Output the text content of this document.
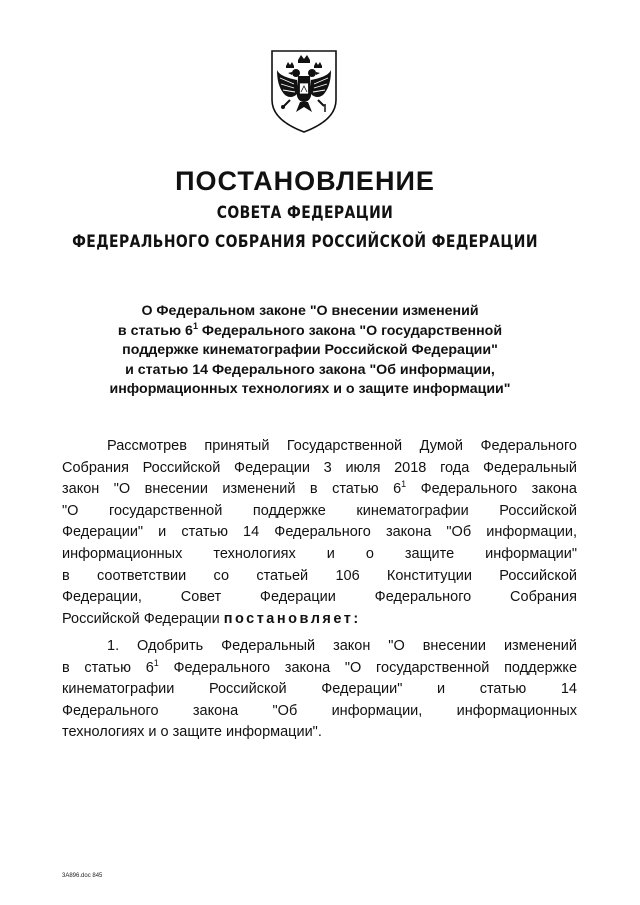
ПОСТАНОВЛЕНИЕ
СОВЕТА ФЕДЕРАЦИИ
ФЕДЕРАЛЬНОГО СОБРАНИЯ РОССИЙСКОЙ ФЕДЕРАЦИИ
О Федеральном законе "О внесении изменений
в статью $6^1$ Федерального закона "О государственной
поддержке кинематографии Российской Федерации"
и статью 14 Федерального закона "Об информации,
информационных технологиях и о защите информации"
Рассмотрев принятый Государственной Думой Федерального
Собрания Российской Федерации 3 июля 2018 года Федеральный
закон "О внесении изменений в статью $6^1$ Федерального закона
"О государственной поддержке кинематографии Российской
Федерации" и статью 14 Федерального закона "Об информации,
информационных технологиях и о защите информации"
в соответствии со статьей 106 Конституции Российской
Федерации, Совет Федерации Федерального Собрания
Российской Федерации постановляет:
1. Одобрить Федеральный закон "О внесении изменений
в статью $6^1$ Федерального закона "О государственной поддержке
кинематографии Российской Федерации" и статью 14
Федерального закона "Об информации, информационных
технологиях и о защите информации".
3A896.doc 845
